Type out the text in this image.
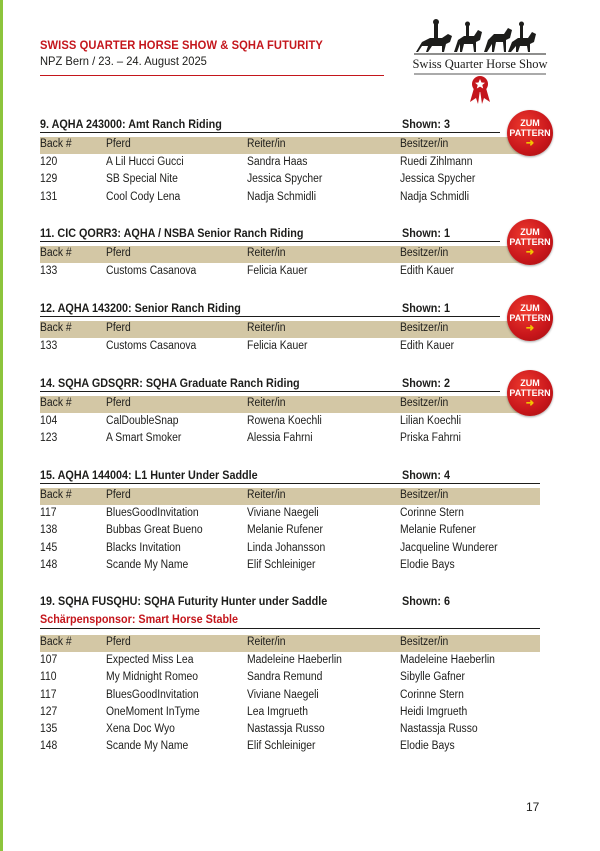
SWISS QUARTER HORSE SHOW & SQHA FUTURITY
NPZ Bern / 23. – 24. August 2025	Swiss Quarter Horse Show
9. AQHA 243000: Amt Ranch Riding	Shown: 3
Back #	Pferd	Reiter/in	Besitzer/in
120	A Lil Hucci Gucci	Sandra Haas	Ruedi Zihlmann
129	SB Special Nite	Jessica Spycher	Jessica Spycher
131	Cool Cody Lena	Nadja Schmidli	Nadja Schmidli
ZUM
PATTERN
➜
11. CIC QORR3: AQHA / NSBA Senior Ranch Riding	Shown: 1
Back #	Pferd	Reiter/in	Besitzer/in
133	Customs Casanova	Felicia Kauer	Edith Kauer
ZUM
PATTERN
➜
12. AQHA 143200: Senior Ranch Riding	Shown: 1
Back #	Pferd	Reiter/in	Besitzer/in
133	Customs Casanova	Felicia Kauer	Edith Kauer
ZUM
PATTERN
➜
14. SQHA GDSQRR: SQHA Graduate Ranch Riding	Shown: 2
Back #	Pferd	Reiter/in	Besitzer/in
104	CalDoubleSnap	Rowena Koechli	Lilian Koechli
123	A Smart Smoker	Alessia Fahrni	Priska Fahrni
ZUM
PATTERN
➜
15. AQHA 144004: L1 Hunter Under Saddle	Shown: 4
Back #	Pferd	Reiter/in	Besitzer/in
117	BluesGoodInvitation	Viviane Naegeli	Corinne Stern
138	Bubbas Great Bueno	Melanie Rufener	Melanie Rufener
145	Blacks Invitation	Linda Johansson	Jacqueline Wunderer
148	Scande My Name	Elif Schleiniger	Elodie Bays
19. SQHA FUSQHU: SQHA Futurity Hunter under Saddle	Shown: 6
Schärpensponsor: Smart Horse Stable
Back #	Pferd	Reiter/in	Besitzer/in
107	Expected Miss Lea	Madeleine Haeberlin	Madeleine Haeberlin
110	My Midnight Romeo	Sandra Remund	Sibylle Gafner
117	BluesGoodInvitation	Viviane Naegeli	Corinne Stern
127	OneMoment InTyme	Lea Imgrueth	Heidi Imgrueth
135	Xena Doc Wyo	Nastassja Russo	Nastassja Russo
148	Scande My Name	Elif Schleiniger	Elodie Bays
17
